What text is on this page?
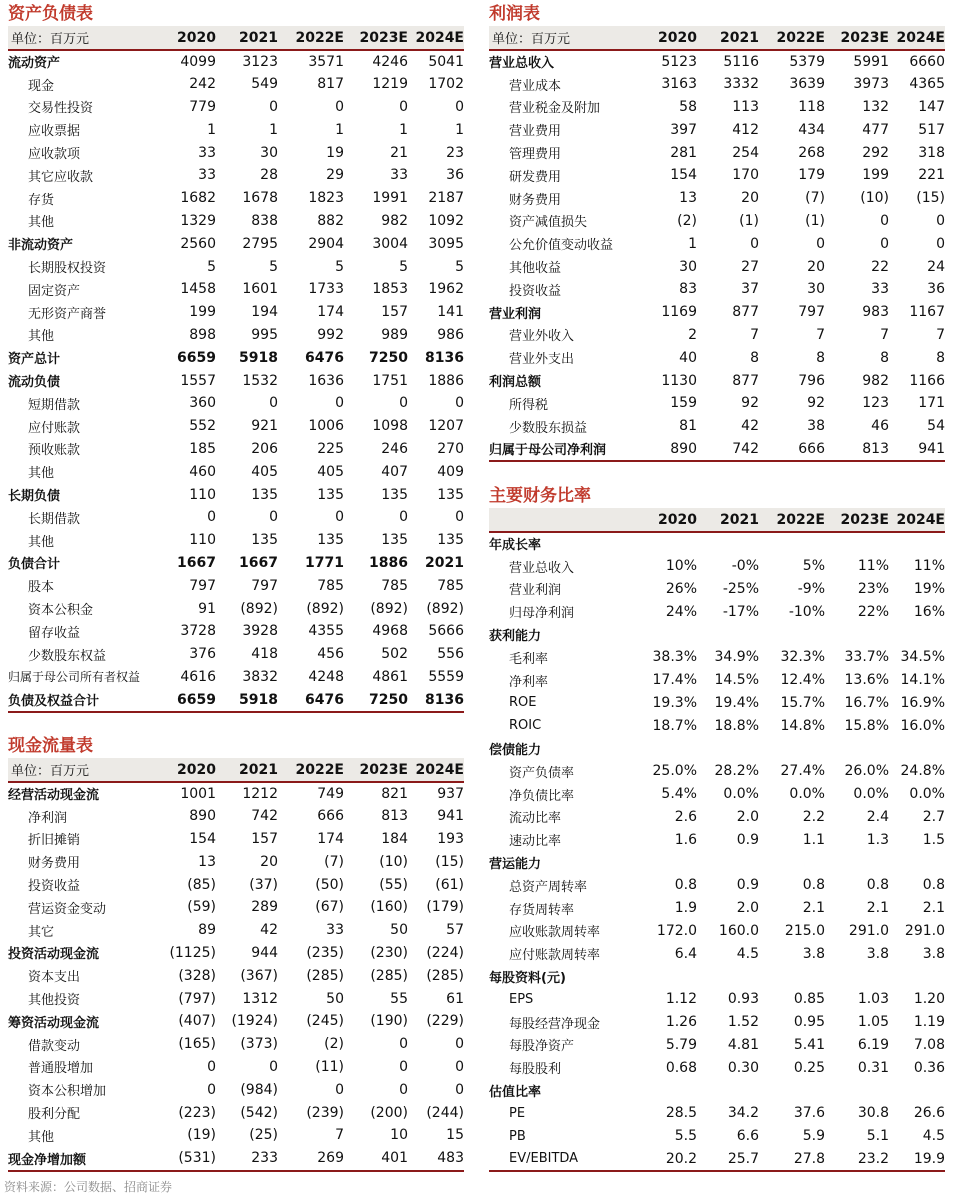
资产负债表
单位：百万元	2020	2021	2022E	2023E	2024E
流动资产	4099	3123	3571	4246	5041
现金	242	549	817	1219	1702
交易性投资	779	0	0	0	0
应收票据	1	1	1	1	1
应收款项	33	30	19	21	23
其它应收款	33	28	29	33	36
存货	1682	1678	1823	1991	2187
其他	1329	838	882	982	1092
非流动资产	2560	2795	2904	3004	3095
长期股权投资	5	5	5	5	5
固定资产	1458	1601	1733	1853	1962
无形资产商誉	199	194	174	157	141
其他	898	995	992	989	986
资产总计	6659	5918	6476	7250	8136
流动负债	1557	1532	1636	1751	1886
短期借款	360	0	0	0	0
应付账款	552	921	1006	1098	1207
预收账款	185	206	225	246	270
其他	460	405	405	407	409
长期负债	110	135	135	135	135
长期借款	0	0	0	0	0
其他	110	135	135	135	135
负债合计	1667	1667	1771	1886	2021
股本	797	797	785	785	785
资本公积金	91	(892)	(892)	(892)	(892)
留存收益	3728	3928	4355	4968	5666
少数股东权益	376	418	456	502	556
归属于母公司所有者权益	4616	3832	4248	4861	5559
负债及权益合计	6659	5918	6476	7250	8136
现金流量表
单位：百万元	2020	2021	2022E	2023E	2024E
经营活动现金流	1001	1212	749	821	937
净利润	890	742	666	813	941
折旧摊销	154	157	174	184	193
财务费用	13	20	(7)	(10)	(15)
投资收益	(85)	(37)	(50)	(55)	(61)
营运资金变动	(59)	289	(67)	(160)	(179)
其它	89	42	33	50	57
投资活动现金流	(1125)	944	(235)	(230)	(224)
资本支出	(328)	(367)	(285)	(285)	(285)
其他投资	(797)	1312	50	55	61
筹资活动现金流	(407)	(1924)	(245)	(190)	(229)
借款变动	(165)	(373)	(2)	0	0
普通股增加	0	0	(11)	0	0
资本公积增加	0	(984)	0	0	0
股利分配	(223)	(542)	(239)	(200)	(244)
其他	(19)	(25)	7	10	15
现金净增加额	(531)	233	269	401	483
利润表
单位：百万元	2020	2021	2022E	2023E	2024E
营业总收入	5123	5116	5379	5991	6660
营业成本	3163	3332	3639	3973	4365
营业税金及附加	58	113	118	132	147
营业费用	397	412	434	477	517
管理费用	281	254	268	292	318
研发费用	154	170	179	199	221
财务费用	13	20	(7)	(10)	(15)
资产减值损失	(2)	(1)	(1)	0	0
公允价值变动收益	1	0	0	0	0
其他收益	30	27	20	22	24
投资收益	83	37	30	33	36
营业利润	1169	877	797	983	1167
营业外收入	2	7	7	7	7
营业外支出	40	8	8	8	8
利润总额	1130	877	796	982	1166
所得税	159	92	92	123	171
少数股东损益	81	42	38	46	54
归属于母公司净利润	890	742	666	813	941
主要财务比率
	2020	2021	2022E	2023E	2024E
年成长率					
营业总收入	10%	-0%	5%	11%	11%
营业利润	26%	-25%	-9%	23%	19%
归母净利润	24%	-17%	-10%	22%	16%
获利能力					
毛利率	38.3%	34.9%	32.3%	33.7%	34.5%
净利率	17.4%	14.5%	12.4%	13.6%	14.1%
ROE	19.3%	19.4%	15.7%	16.7%	16.9%
ROIC	18.7%	18.8%	14.8%	15.8%	16.0%
偿债能力					
资产负债率	25.0%	28.2%	27.4%	26.0%	24.8%
净负债比率	5.4%	0.0%	0.0%	0.0%	0.0%
流动比率	2.6	2.0	2.2	2.4	2.7
速动比率	1.6	0.9	1.1	1.3	1.5
营运能力					
总资产周转率	0.8	0.9	0.8	0.8	0.8
存货周转率	1.9	2.0	2.1	2.1	2.1
应收账款周转率	172.0	160.0	215.0	291.0	291.0
应付账款周转率	6.4	4.5	3.8	3.8	3.8
每股资料(元)					
EPS	1.12	0.93	0.85	1.03	1.20
每股经营净现金	1.26	1.52	0.95	1.05	1.19
每股净资产	5.79	4.81	5.41	6.19	7.08
每股股利	0.68	0.30	0.25	0.31	0.36
估值比率					
PE	28.5	34.2	37.6	30.8	26.6
PB	5.5	6.6	5.9	5.1	4.5
EV/EBITDA	20.2	25.7	27.8	23.2	19.9
资料来源：公司数据、招商证券
